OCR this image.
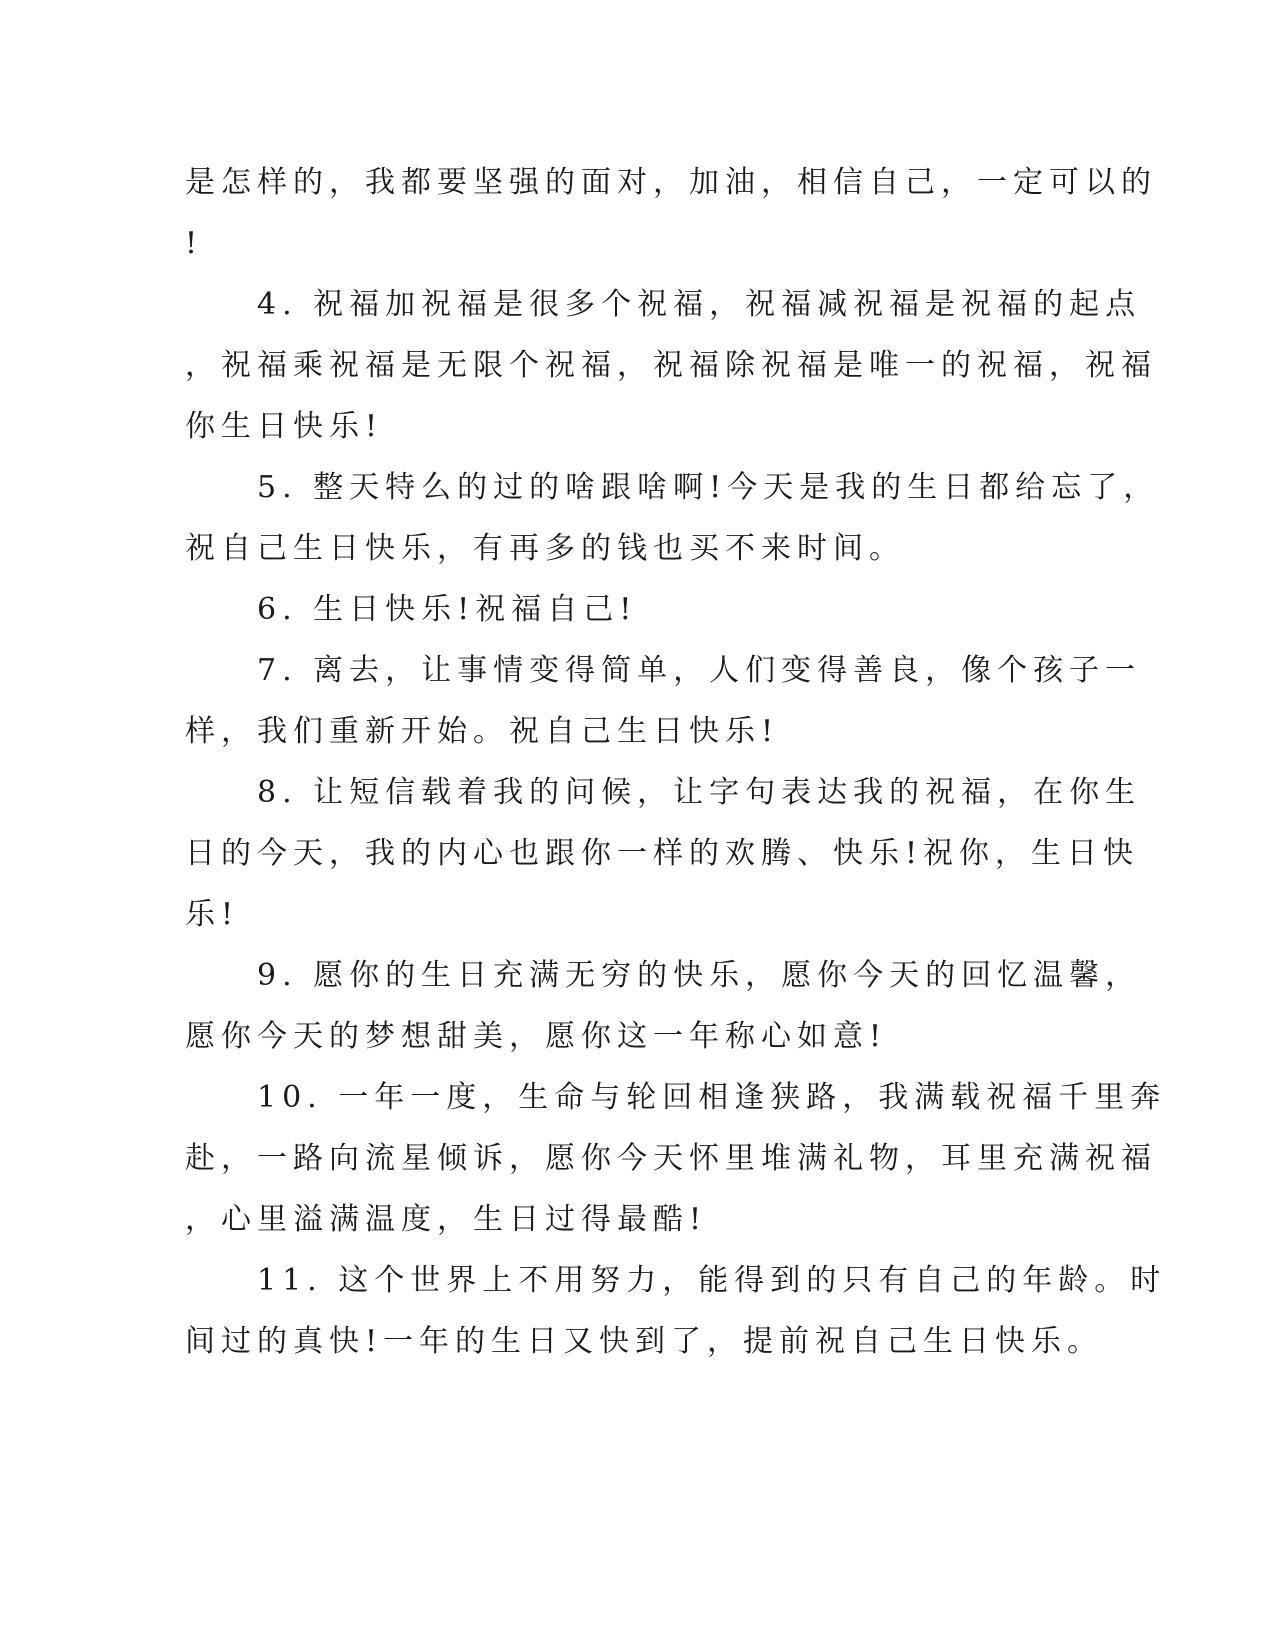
是怎样的，我都要坚强的面对，加油，相信自己，一定可以的
!
4. 祝福加祝福是很多个祝福，祝福减祝福是祝福的起点
，祝福乘祝福是无限个祝福，祝福除祝福是唯一的祝福，祝福
你生日快乐!
5. 整天特么的过的啥跟啥啊!今天是我的生日都给忘了，
祝自己生日快乐，有再多的钱也买不来时间。
6. 生日快乐!祝福自己!
7. 离去，让事情变得简单，人们变得善良，像个孩子一
样，我们重新开始。祝自己生日快乐!
8. 让短信载着我的问候，让字句表达我的祝福，在你生
日的今天，我的内心也跟你一样的欢腾、快乐!祝你，生日快
乐!
9. 愿你的生日充满无穷的快乐，愿你今天的回忆温馨，
愿你今天的梦想甜美，愿你这一年称心如意!
10. 一年一度，生命与轮回相逢狭路，我满载祝福千里奔
赴，一路向流星倾诉，愿你今天怀里堆满礼物，耳里充满祝福
，心里溢满温度，生日过得最酷!
11. 这个世界上不用努力，能得到的只有自己的年龄。时
间过的真快!一年的生日又快到了，提前祝自己生日快乐。
